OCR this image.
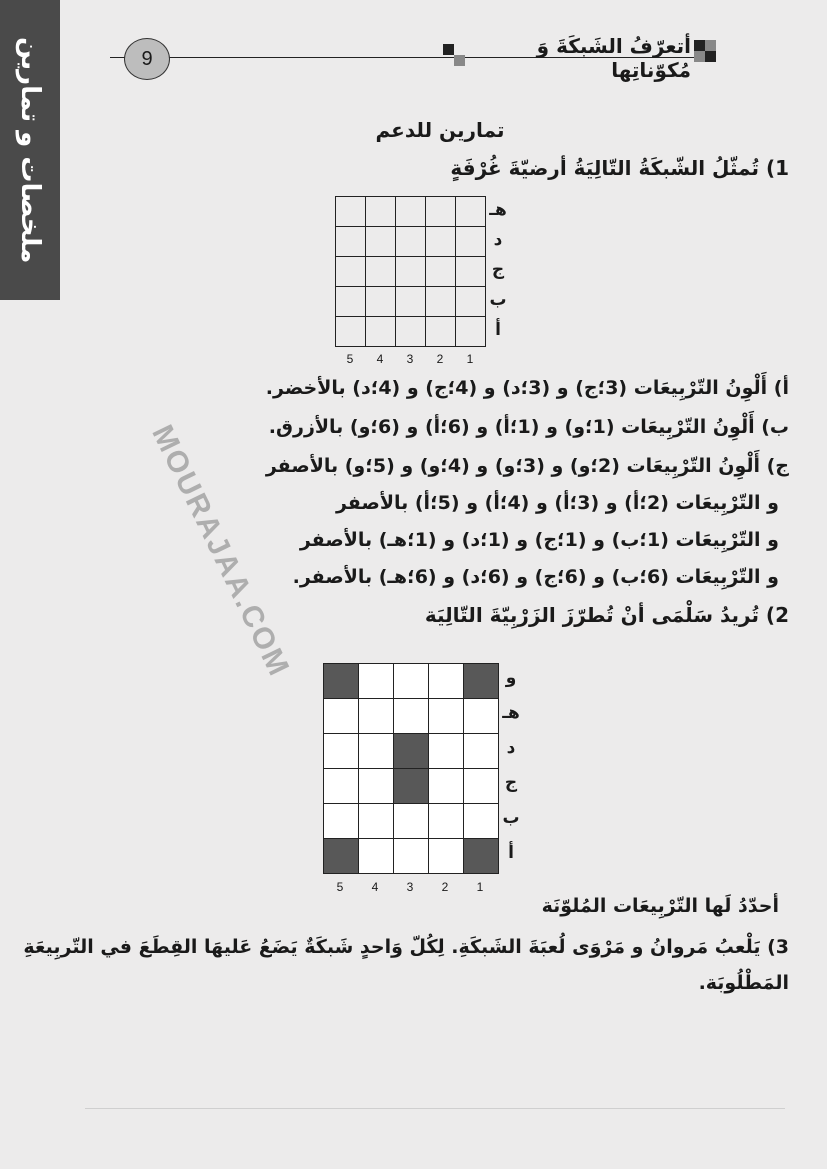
ملخصات و تمارين	9
أتعرّفُ الشَبكَةَ وَ مُكوّناتِها
تمارين للدعم
1) تُمثّلُ الشّبكَةُ التّالِيَةُ أرضيّةَ غُرْفَةٍ
هـ
د
ج
ب
أ
5	4	3	2	1
أ) أَلْوِنُ التّرْبِيعَات (3؛ج) و (3؛د) و (4؛ج) و (4؛د) بالأخضر.
ب) أَلْوِنُ التّرْبِيعَات (1؛و) و (1؛أ) و (6؛أ) و (6؛و) بالأزرق.
ج) أَلْوِنُ التّرْبِيعَات (2؛و) و (3؛و) و (4؛و) و (5؛و) بالأصفر
و التّرْبِيعَات (2؛أ) و (3؛أ) و (4؛أ) و (5؛أ) بالأصفر
و التّرْبِيعَات (1؛ب) و (1؛ج) و (1؛د) و (1؛هـ) بالأصفر
و التّرْبِيعَات (6؛ب) و (6؛ج) و (6؛د) و (6؛هـ) بالأصفر.
2) تُريدُ سَلْمَى أنْ تُطرّزَ الزَرْبِيّةَ التّالِيَة
و
هـ
د
ج
ب
أ
5	4	3	2	1
أحدّدُ لَها التّرْبِيعَات المُلوّنَة
3) يَلْعبُ مَروانُ و مَرْوَى لُعبَةَ الشَبكَةِ. لِكُلّ وَاحدٍ شَبكَةٌ يَضَعُ عَليهَا القِطَعَ في التّربِيعَةِ
المَطْلُوبَة.
MOURAJAA.COM
